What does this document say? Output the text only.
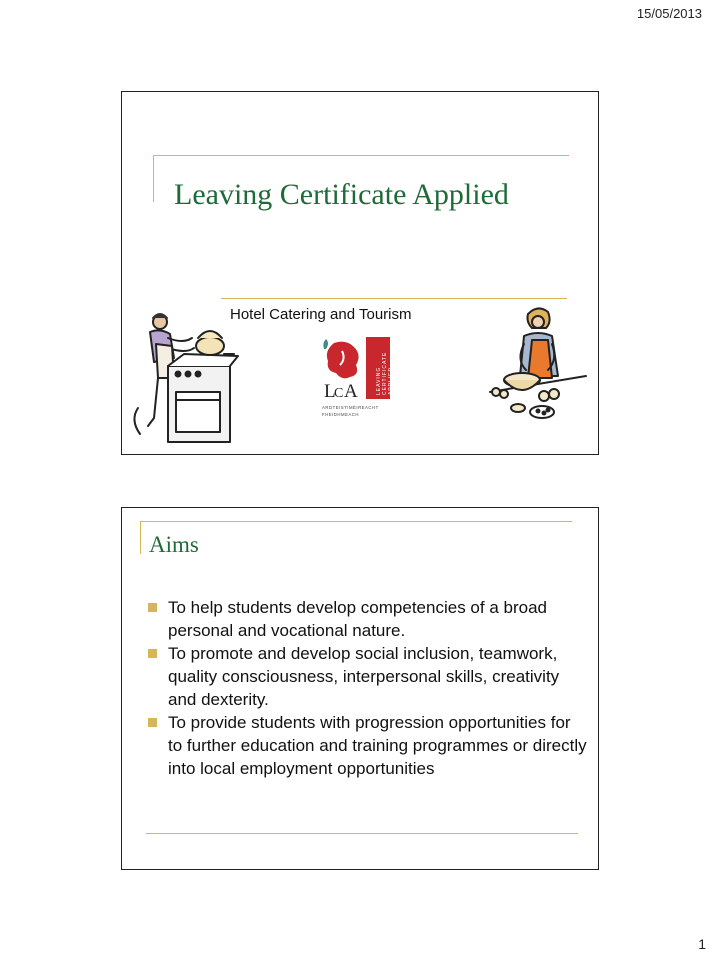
15/05/2013
Leaving Certificate Applied
Hotel Catering and Tourism
LEAVING CERTIFICATE APPLIED
L
C A
ARDTEISTIMÉIREACHT
FHEIDHMEACH
Aims
To help students develop competencies of a broad personal and vocational nature.
To promote and develop social inclusion, teamwork, quality consciousness, interpersonal skills, creativity and dexterity.
To provide students with progression opportunities for to further education and training programmes or directly into local employment opportunities
1
